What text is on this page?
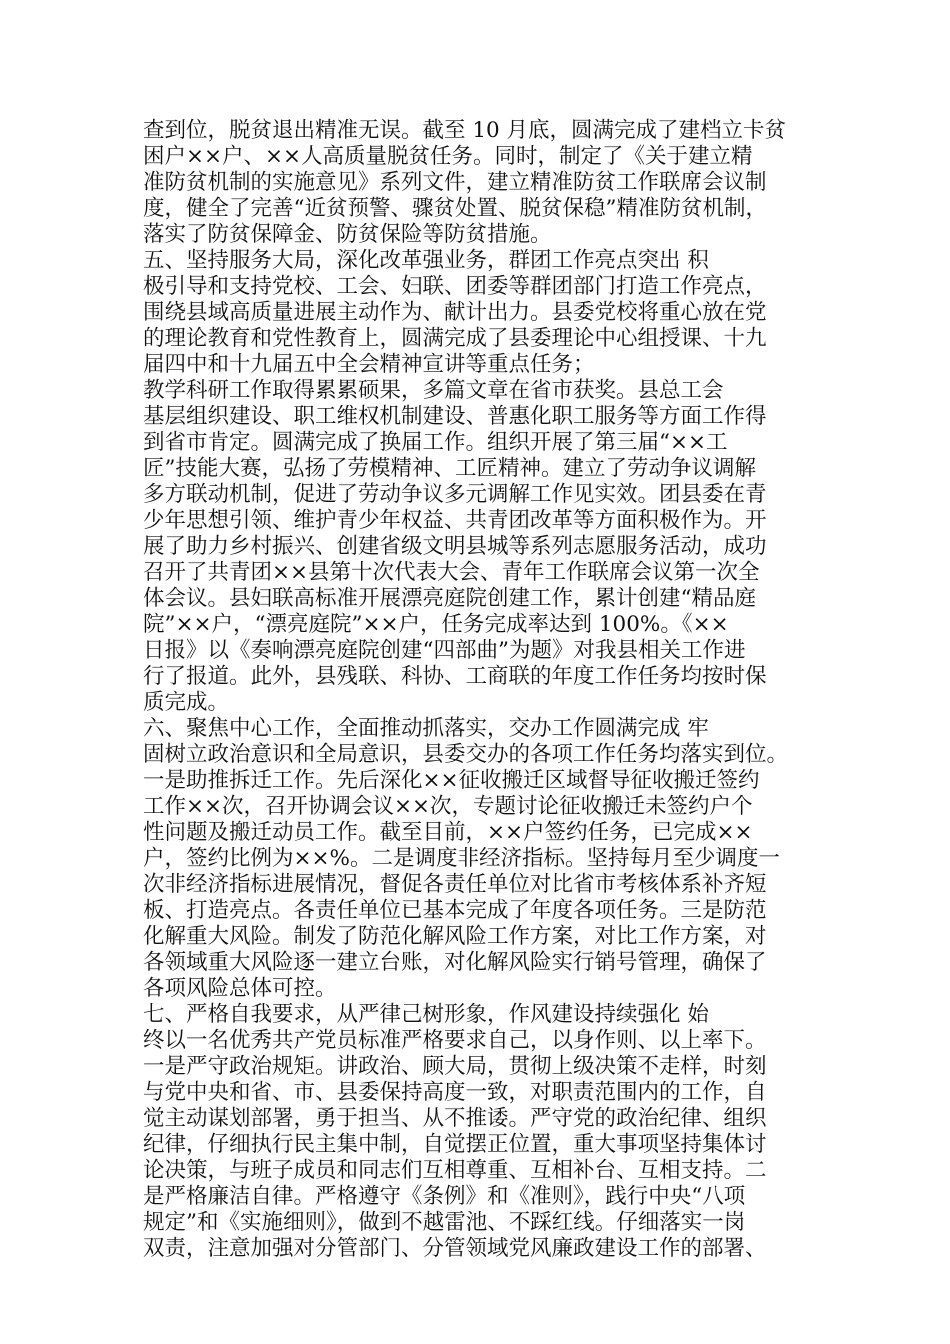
查到位，脱贫退出精准无误。截至 10 月底，圆满完成了建档立卡贫
困户××户、××人高质量脱贫任务。同时，制定了《关于建立精
准防贫机制的实施意见》系列文件，建立精准防贫工作联席会议制
度，健全了完善“近贫预警、骤贫处置、脱贫保稳”精准防贫机制，
落实了防贫保障金、防贫保险等防贫措施。
五、坚持服务大局，深化改革强业务，群团工作亮点突出 积
极引导和支持党校、工会、妇联、团委等群团部门打造工作亮点，
围绕县域高质量进展主动作为、献计出力。县委党校将重心放在党
的理论教育和党性教育上，圆满完成了县委理论中心组授课、十九
届四中和十九届五中全会精神宣讲等重点任务；
教学科研工作取得累累硕果，多篇文章在省市获奖。县总工会
基层组织建设、职工维权机制建设、普惠化职工服务等方面工作得
到省市肯定。圆满完成了换届工作。组织开展了第三届“××工
匠”技能大赛，弘扬了劳模精神、工匠精神。建立了劳动争议调解
多方联动机制，促进了劳动争议多元调解工作见实效。团县委在青
少年思想引领、维护青少年权益、共青团改革等方面积极作为。开
展了助力乡村振兴、创建省级文明县城等系列志愿服务活动，成功
召开了共青团××县第十次代表大会、青年工作联席会议第一次全
体会议。县妇联高标准开展漂亮庭院创建工作，累计创建“精品庭
院”××户，“漂亮庭院”××户，任务完成率达到 100%。《××
日报》以《奏响漂亮庭院创建“四部曲”为题》对我县相关工作进
行了报道。此外，县残联、科协、工商联的年度工作任务均按时保
质完成。
六、聚焦中心工作，全面推动抓落实，交办工作圆满完成 牢
固树立政治意识和全局意识，县委交办的各项工作任务均落实到位。
一是助推拆迁工作。先后深化××征收搬迁区域督导征收搬迁签约
工作××次，召开协调会议××次，专题讨论征收搬迁未签约户个
性问题及搬迁动员工作。截至目前，××户签约任务，已完成××
户，签约比例为××%。二是调度非经济指标。坚持每月至少调度一
次非经济指标进展情况，督促各责任单位对比省市考核体系补齐短
板、打造亮点。各责任单位已基本完成了年度各项任务。三是防范
化解重大风险。制发了防范化解风险工作方案，对比工作方案，对
各领域重大风险逐一建立台账，对化解风险实行销号管理，确保了
各项风险总体可控。
七、严格自我要求，从严律己树形象，作风建设持续强化 始
终以一名优秀共产党员标准严格要求自己，以身作则、以上率下。
一是严守政治规矩。讲政治、顾大局，贯彻上级决策不走样，时刻
与党中央和省、市、县委保持高度一致，对职责范围内的工作，自
觉主动谋划部署，勇于担当、从不推诿。严守党的政治纪律、组织
纪律，仔细执行民主集中制，自觉摆正位置，重大事项坚持集体讨
论决策，与班子成员和同志们互相尊重、互相补台、互相支持。二
是严格廉洁自律。严格遵守《条例》和《准则》，践行中央“八项
规定”和《实施细则》，做到不越雷池、不踩红线。仔细落实一岗
双责，注意加强对分管部门、分管领域党风廉政建设工作的部署、
